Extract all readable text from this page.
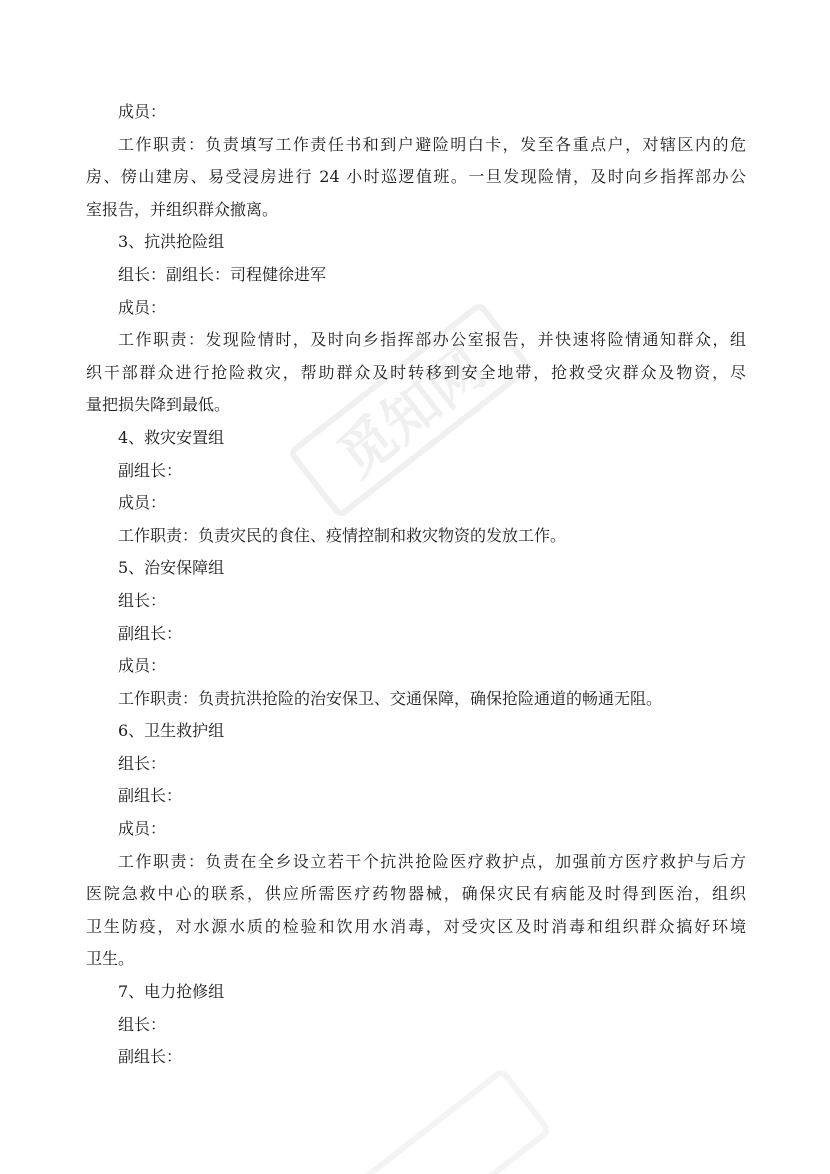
觅知网
成员：
工作职责：负责填写工作责任书和到户避险明白卡，发至各重点户，对辖区内的危
房、傍山建房、易受浸房进行 24 小时巡逻值班。一旦发现险情，及时向乡指挥部办公
室报告，并组织群众撤离。
3、抗洪抢险组
组长：副组长：司程健徐进军
成员：
工作职责：发现险情时，及时向乡指挥部办公室报告，并快速将险情通知群众，组
织干部群众进行抢险救灾，帮助群众及时转移到安全地带，抢救受灾群众及物资，尽
量把损失降到最低。
4、救灾安置组
副组长：
成员：
工作职责：负责灾民的食住、疫情控制和救灾物资的发放工作。
5、治安保障组
组长：
副组长：
成员：
工作职责：负责抗洪抢险的治安保卫、交通保障，确保抢险通道的畅通无阻。
6、卫生救护组
组长：
副组长：
成员：
工作职责：负责在全乡设立若干个抗洪抢险医疗救护点，加强前方医疗救护与后方
医院急救中心的联系，供应所需医疗药物器械，确保灾民有病能及时得到医治，组织
卫生防疫，对水源水质的检验和饮用水消毒，对受灾区及时消毒和组织群众搞好环境
卫生。
7、电力抢修组
组长：
副组长：
